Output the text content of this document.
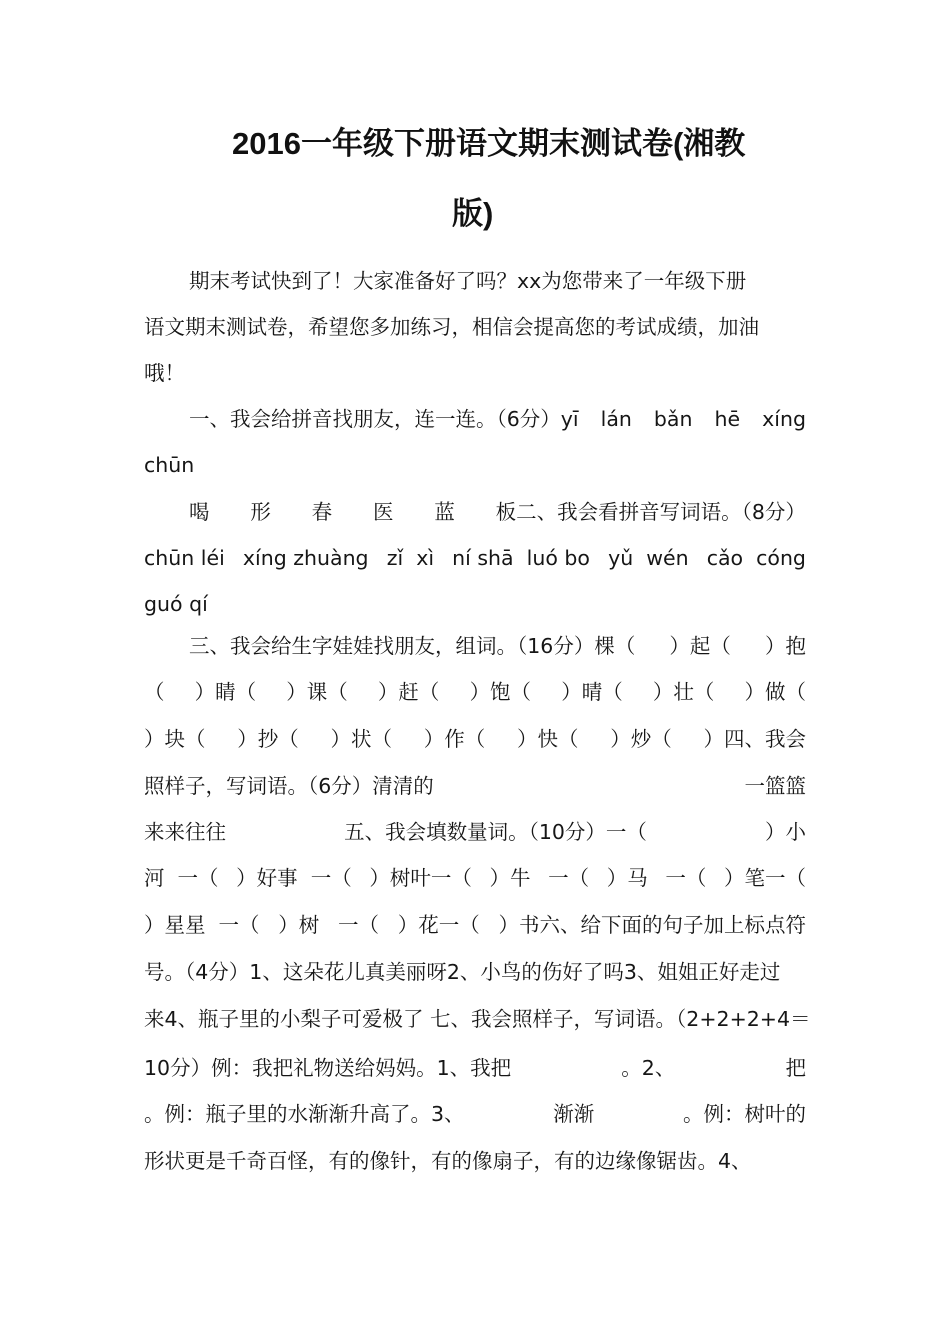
2016一年级下册语文期末测试卷(湘教
版)
期末考试快到了！大家准备好了吗？xx为您带来了一年级下册
语文期末测试卷，希望您多加练习，相信会提高您的考试成绩，加油
哦！
一、我会给拼音找朋友，连一连。（6分）yī lán bǎn hē xíng
chūn
喝 形 春 医 蓝 板二、我会看拼音写词语。（8分）
chūn léi xíng zhuàng zǐ  xì ní shā  luó bo yǔ  wén cǎo  cóng
guó qí
三、我会给生字娃娃找朋友，组词。（16分）棵（ ）起（ ）抱
（ ）睛（ ）课（ ）赶（ ）饱（ ）晴（ ）壮（ ）做（
）块（ ）抄（ ）状（ ）作（ ）快（ ）炒（ ）四、我会
照样子，写词语。（6分）清清的	一篮篮
来来往往	五、我会填数量词。（10分）一（	）小
河  一（ ）好事  一（ ）树叶一（ ）牛 一（ ）马 一（ ）笔一（
）星星  一（ ）树 一（ ）花一（ ）书六、给下面的句子加上标点符
号。（4分）1、这朵花儿真美丽呀2、小鸟的伤好了吗3、姐姐正好走过
来4、瓶子里的小梨子可爱极了 七、我会照样子，写词语。（2+2+2+4＝
10分）例：我把礼物送给妈妈。1、我把	。2、	把
。例：瓶子里的水渐渐升高了。3、	渐渐	。例：树叶的
形状更是千奇百怪，有的像针，有的像扇子，有的边缘像锯齿。4、
